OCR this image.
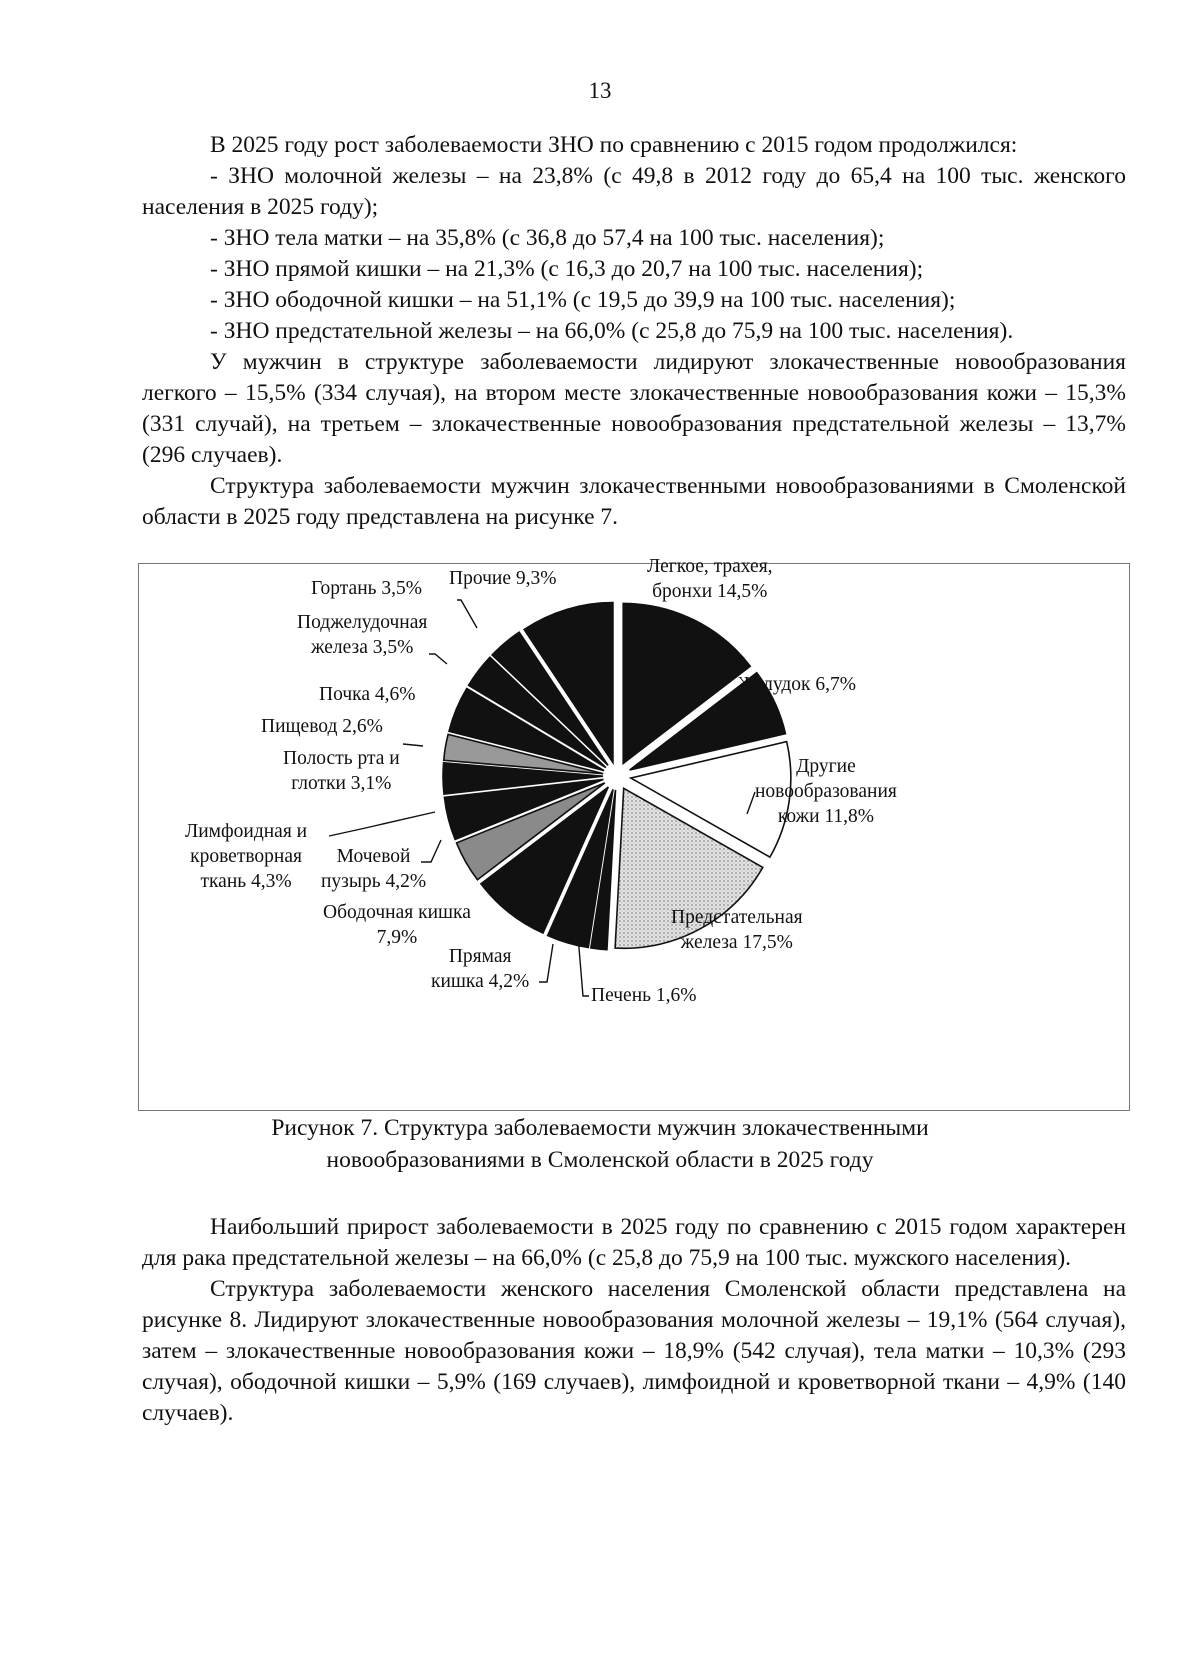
13

В 2025 году рост заболеваемости ЗНО по сравнению с 2015 годом продолжился:

- ЗНО молочной железы – на 23,8% (с 49,8 в 2012 году до 65,4 на 100 тыс. женского населения в 2025 году);

- ЗНО тела матки – на 35,8% (с 36,8 до 57,4 на 100 тыс. населения);

- ЗНО прямой кишки – на 21,3% (с 16,3 до 20,7 на 100 тыс. населения);

- ЗНО ободочной кишки – на 51,1% (с 19,5 до 39,9 на 100 тыс. населения);

- ЗНО предстательной железы – на 66,0% (с 25,8 до 75,9 на 100 тыс. населения).

У мужчин в структуре заболеваемости лидируют злокачественные новообразования легкого – 15,5% (334 случая), на втором месте злокачественные новообразования кожи – 15,3% (331 случай), на третьем – злокачественные новообразования предстательной железы – 13,7% (296 случаев).

Структура заболеваемости мужчин злокачественными новообразованиями в Смоленской области в 2025 году представлена на рисунке 7.

Легкое, трахея,
бронхи 14,5%
Желудок 6,7%
Другие
новообразования
кожи 11,8%
Предстательная
железа 17,5%
Печень 1,6%
Прямая
кишка 4,2%
Ободочная кишка
7,9%
Мочевой
пузырь 4,2%
Лимфоидная и
кроветворная
ткань 4,3%
Полость рта и
глотки 3,1%
Пищевод 2,6%
Почка 4,6%
Поджелудочная
железа 3,5%
Гортань 3,5% Прочие 9,3%
Рисунок 7. Структура заболеваемости мужчин злокачественными
новообразованиями в Смоленской области в 2025 году

Наибольший прирост заболеваемости в 2025 году по сравнению с 2015 годом характерен для рака предстательной железы – на 66,0% (с 25,8 до 75,9 на 100 тыс. мужского населения).

Структура заболеваемости женского населения Смоленской области представлена на рисунке 8. Лидируют злокачественные новообразования молочной железы – 19,1% (564 случая), затем – злокачественные новообразования кожи – 18,9% (542 случая), тела матки – 10,3% (293 случая), ободочной кишки – 5,9% (169 случаев), лимфоидной и кроветворной ткани – 4,9% (140 случаев).
